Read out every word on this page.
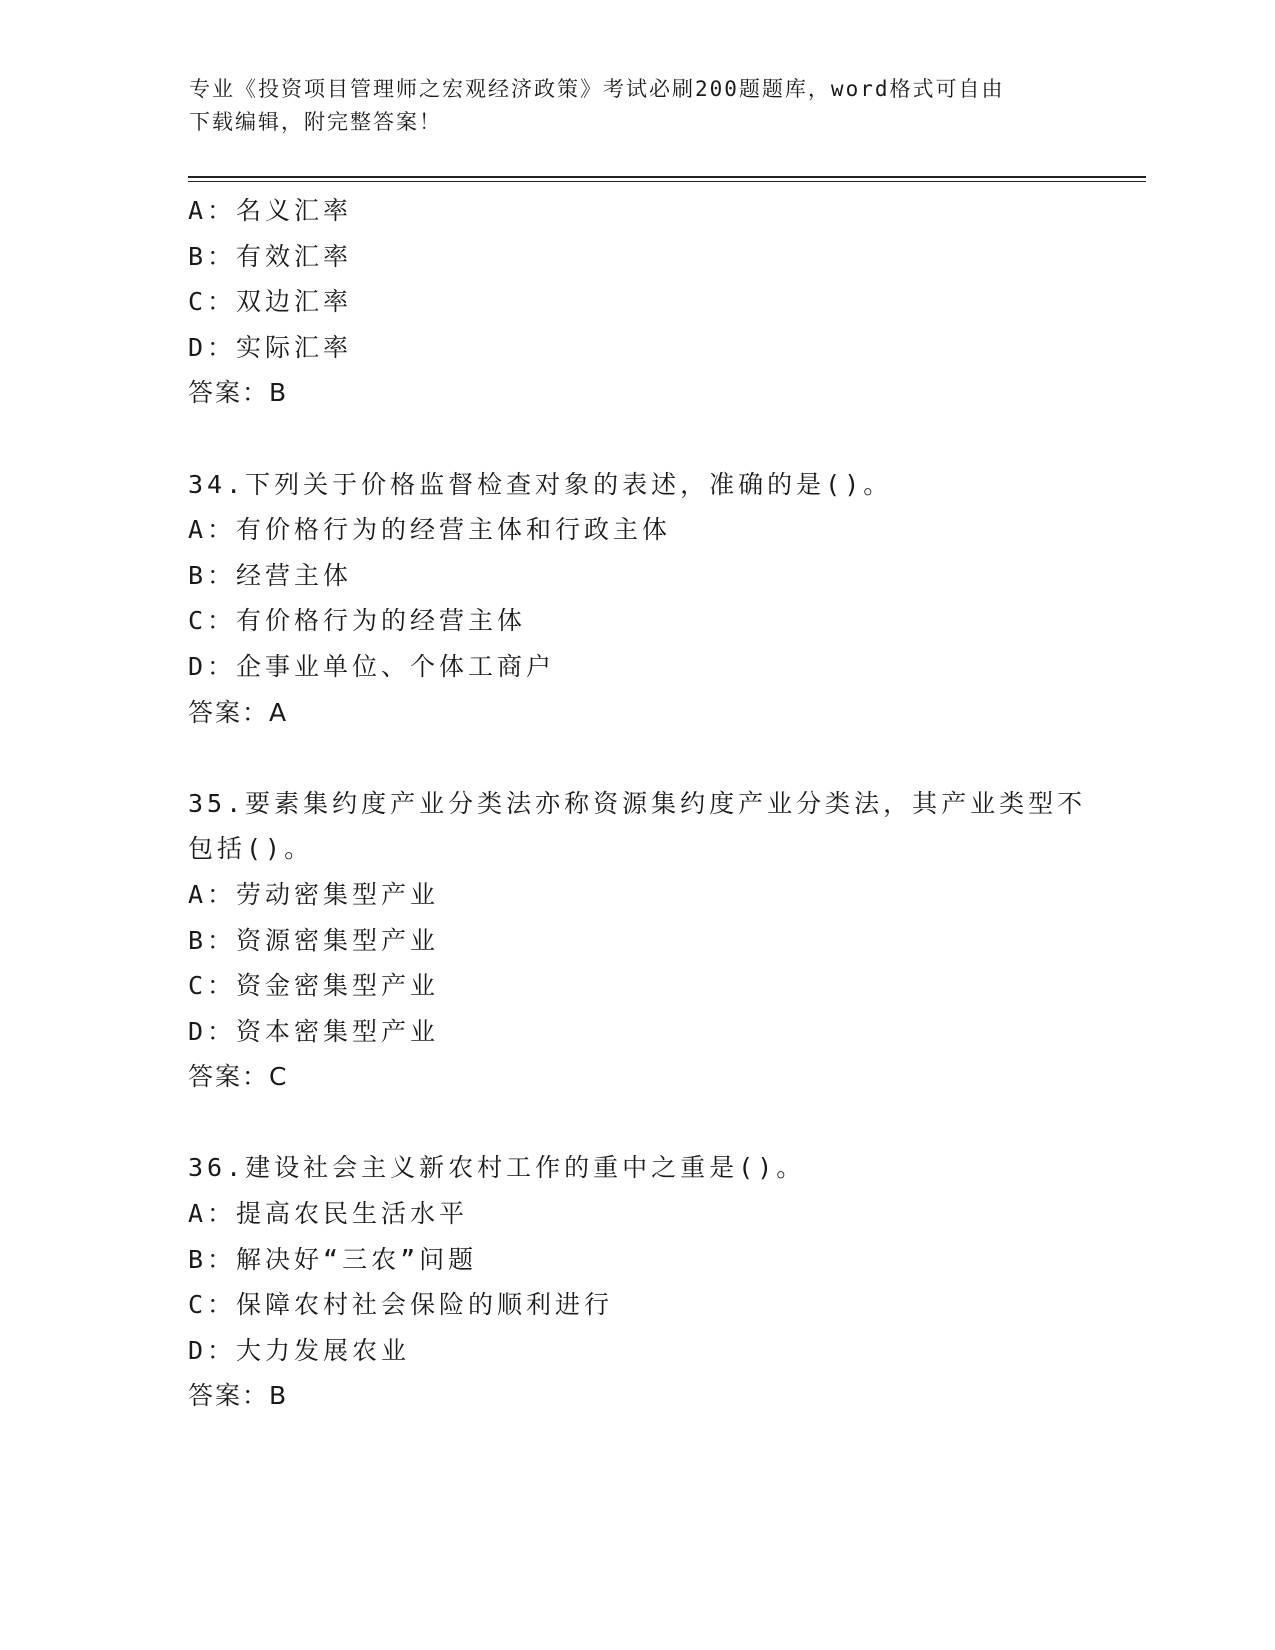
专业《投资项目管理师之宏观经济政策》考试必刷200题题库，word格式可自由
下载编辑，附完整答案！
A：名义汇率
B：有效汇率
C：双边汇率
D：实际汇率
答案：B
34.下列关于价格监督检查对象的表述，准确的是()。
A：有价格行为的经营主体和行政主体
B：经营主体
C：有价格行为的经营主体
D：企事业单位、个体工商户
答案：A
35.要素集约度产业分类法亦称资源集约度产业分类法，其产业类型不
包括()。
A：劳动密集型产业
B：资源密集型产业
C：资金密集型产业
D：资本密集型产业
答案：C
36.建设社会主义新农村工作的重中之重是()。
A：提高农民生活水平
B：解决好“三农”问题
C：保障农村社会保险的顺利进行
D：大力发展农业
答案：B
